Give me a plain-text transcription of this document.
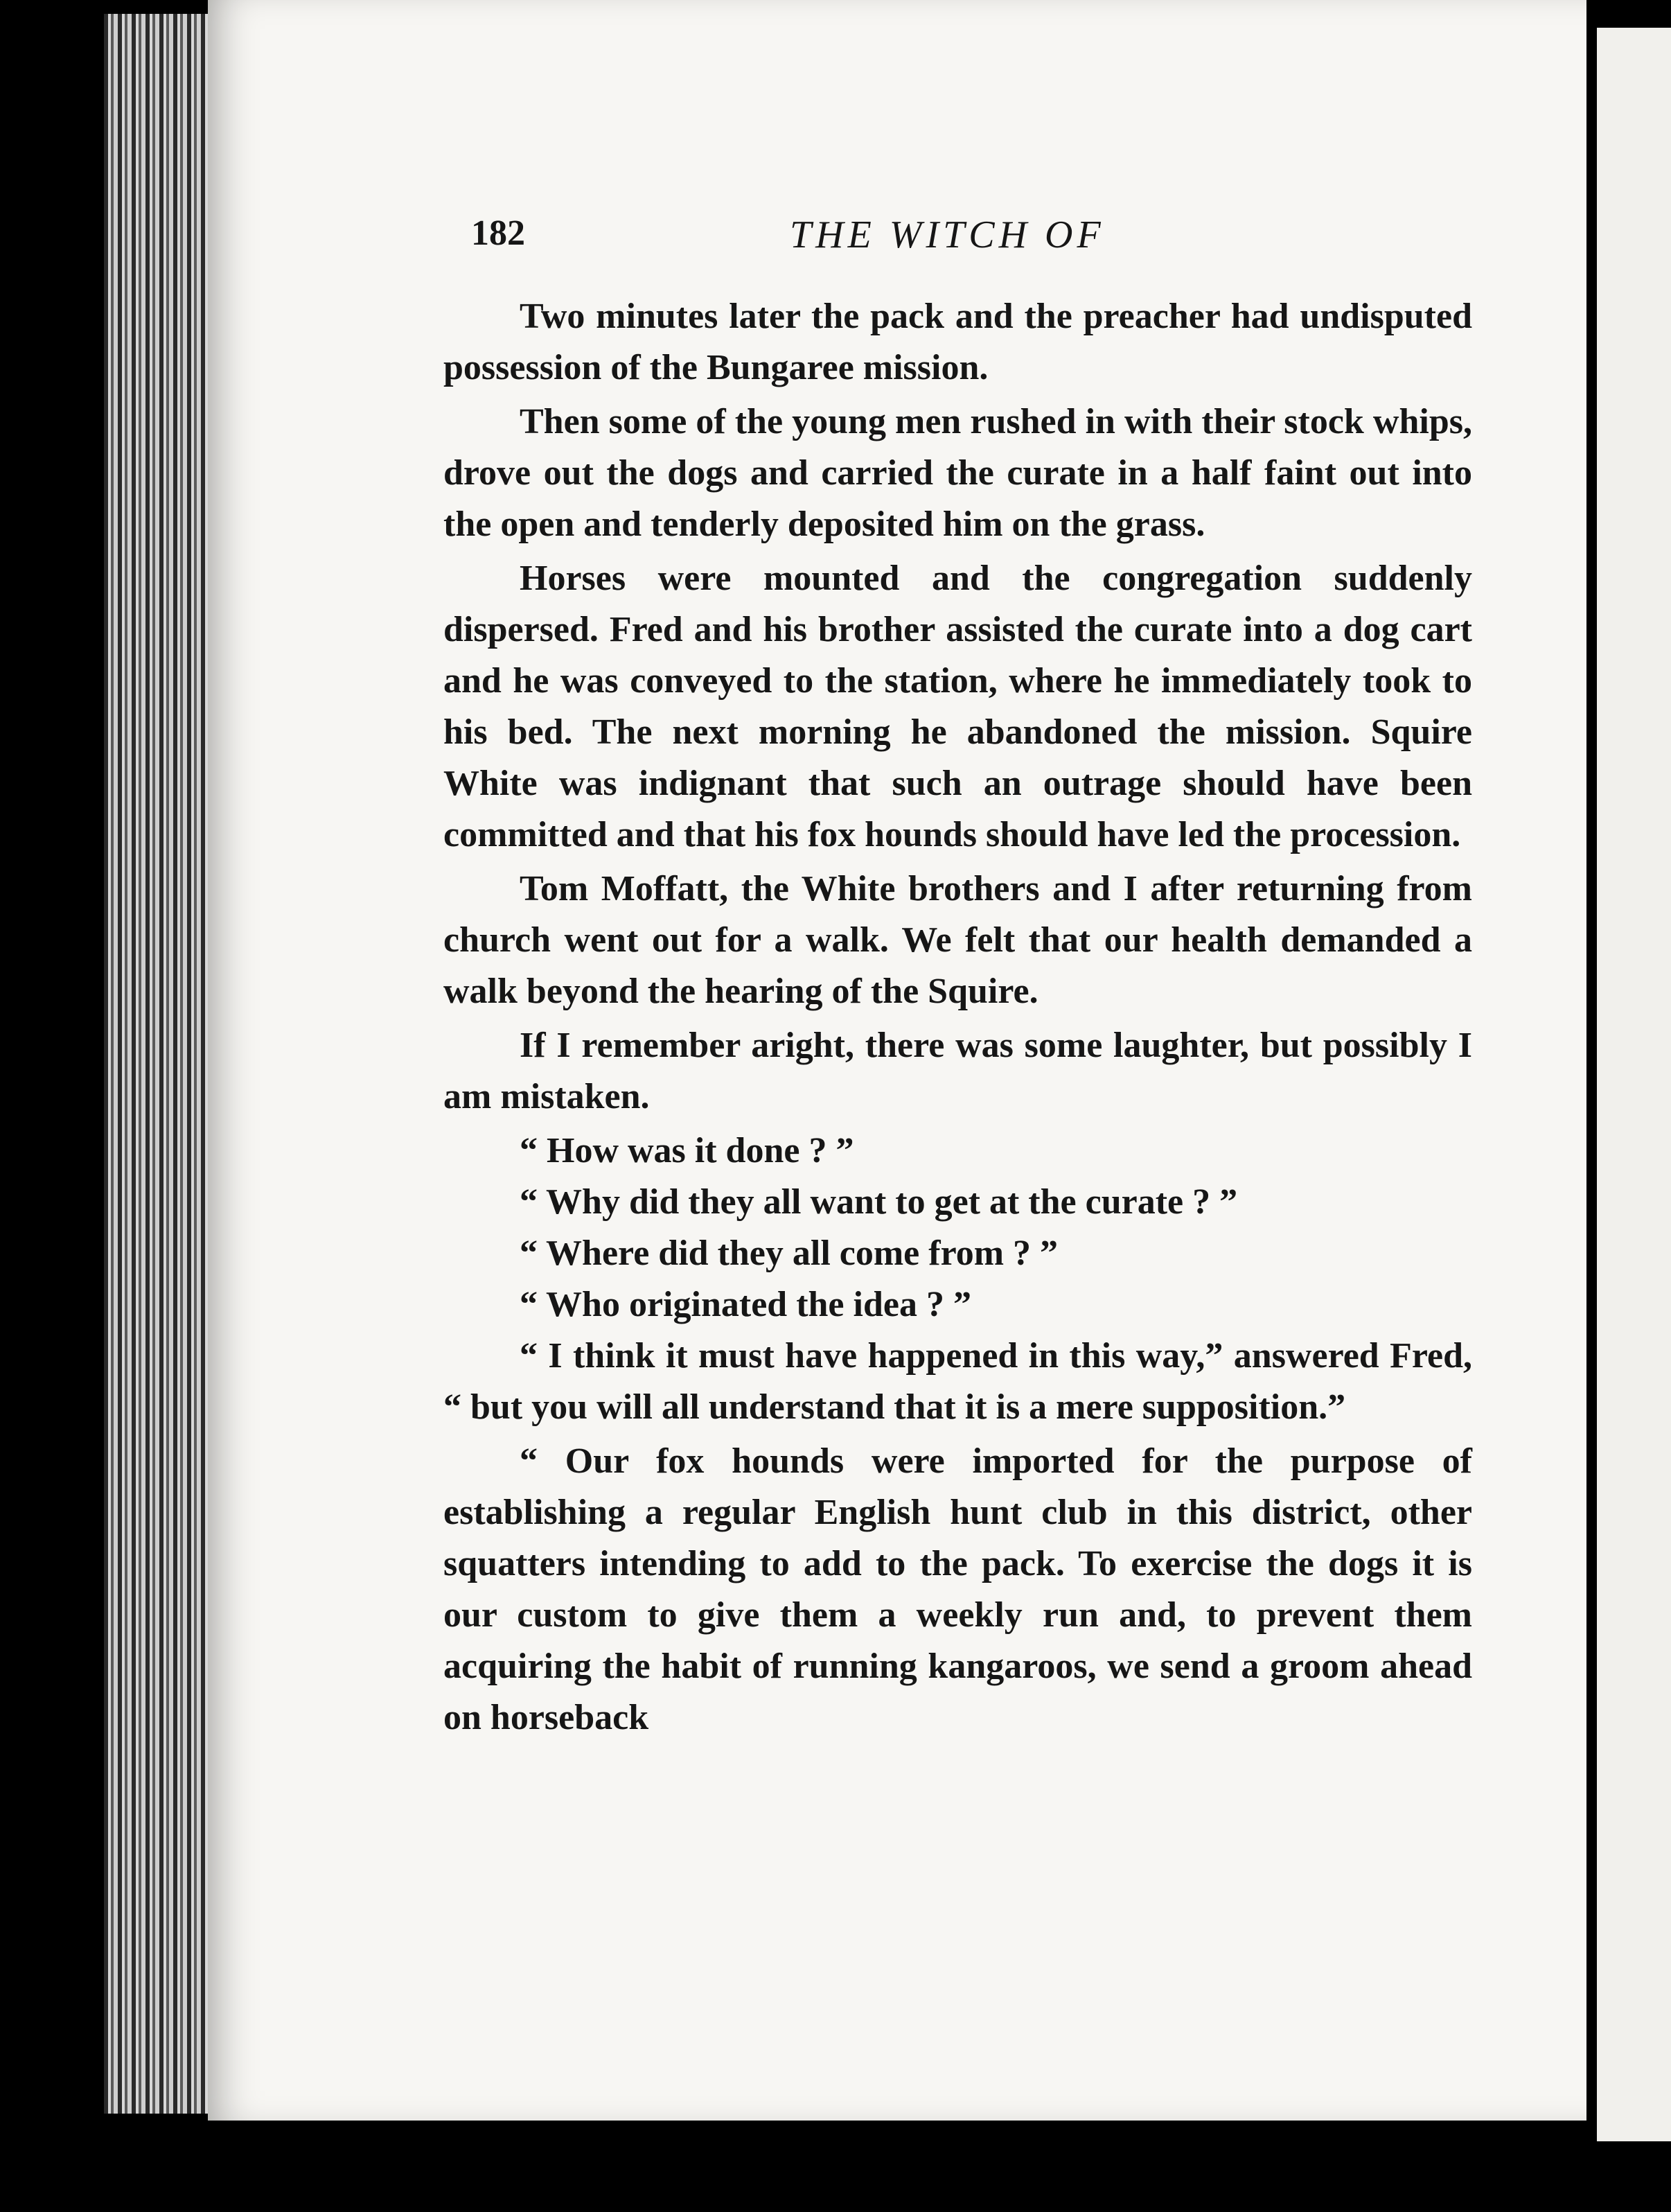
182	THE WITCH OF

Two minutes later the pack and the preacher had undisputed possession of the Bungaree mission.

Then some of the young men rushed in with their stock whips, drove out the dogs and carried the curate in a half faint out into the open and tenderly deposited him on the grass.

Horses were mounted and the congregation suddenly dispersed. Fred and his brother assisted the curate into a dog cart and he was conveyed to the station, where he immediately took to his bed. The next morning he abandoned the mission. Squire White was indignant that such an outrage should have been committed and that his fox hounds should have led the procession.

Tom Moffatt, the White brothers and I after returning from church went out for a walk. We felt that our health demanded a walk beyond the hearing of the Squire.

If I remember aright, there was some laughter, but possibly I am mistaken.

“ How was it done ? ”

“ Why did they all want to get at the curate ? ”

“ Where did they all come from ? ”

“ Who originated the idea ? ”

“ I think it must have happened in this way,” answered Fred, “ but you will all understand that it is a mere supposition.”

“ Our fox hounds were imported for the purpose of establishing a regular English hunt club in this district, other squatters intending to add to the pack. To exercise the dogs it is our custom to give them a weekly run and, to prevent them acquiring the habit of running kangaroos, we send a groom ahead on horseback
